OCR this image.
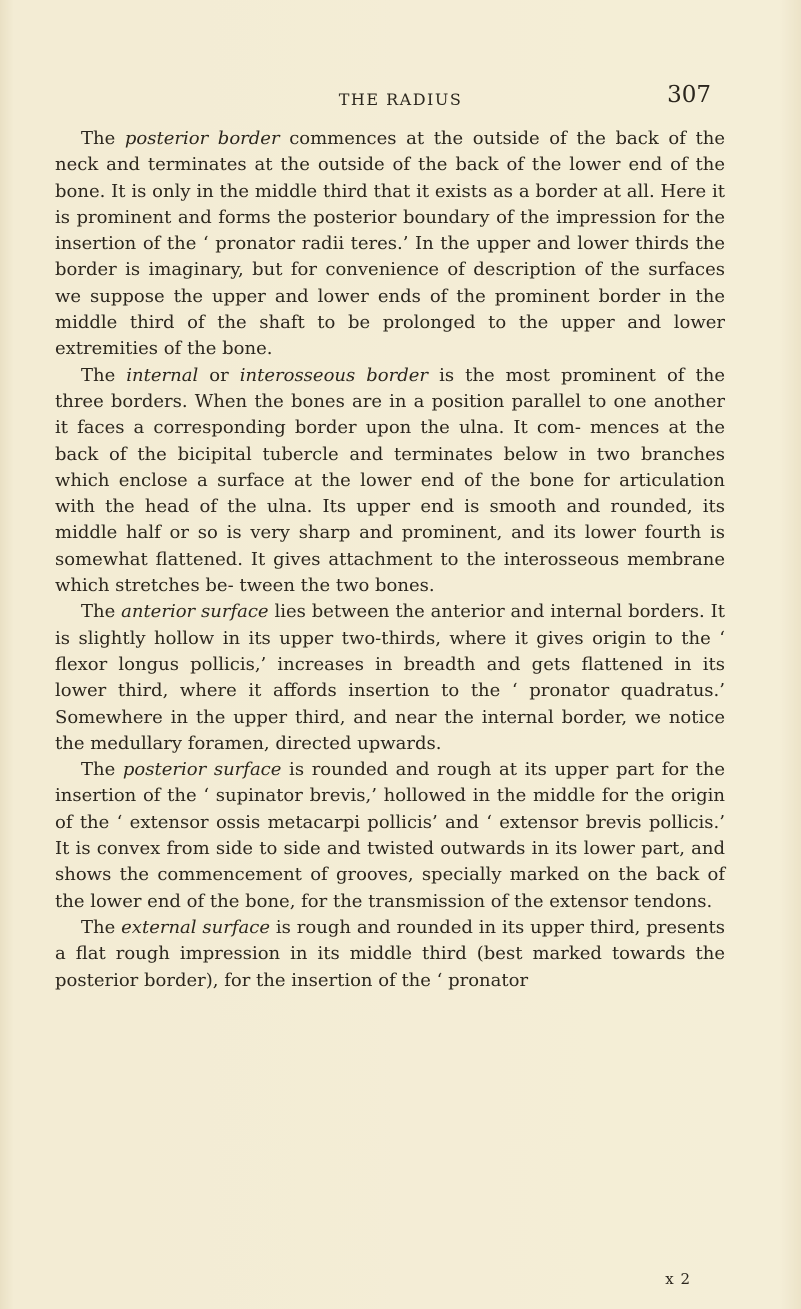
THE RADIUS	307

The posterior border commences at the outside of the back of the neck and terminates at the outside of the back of the lower end of the bone. It is only in the middle third that it exists as a border at all. Here it is prominent and forms the posterior boundary of the impression for the insertion of the ‘ pronator radii teres.’ In the upper and lower thirds the border is imaginary, but for convenience of description of the surfaces we suppose the upper and lower ends of the prominent border in the middle third of the shaft to be prolonged to the upper and lower extremities of the bone.

The internal or interosseous border is the most prominent of the three borders. When the bones are in a position parallel to one another it faces a corresponding border upon the ulna. It com- mences at the back of the bicipital tubercle and terminates below in two branches which enclose a surface at the lower end of the bone for articulation with the head of the ulna. Its upper end is smooth and rounded, its middle half or so is very sharp and prominent, and its lower fourth is somewhat flattened. It gives attachment to the interosseous membrane which stretches be- tween the two bones.

The anterior surface lies between the anterior and internal borders. It is slightly hollow in its upper two-thirds, where it gives origin to the ‘ flexor longus pollicis,’ increases in breadth and gets flattened in its lower third, where it affords insertion to the ‘ pronator quadratus.’ Somewhere in the upper third, and near the internal border, we notice the medullary foramen, directed upwards.

The posterior surface is rounded and rough at its upper part for the insertion of the ‘ supinator brevis,’ hollowed in the middle for the origin of the ‘ extensor ossis metacarpi pollicis’ and ‘ extensor brevis pollicis.’ It is convex from side to side and twisted outwards in its lower part, and shows the commencement of grooves, specially marked on the back of the lower end of the bone, for the transmission of the extensor tendons.

The external surface is rough and rounded in its upper third, presents a flat rough impression in its middle third (best marked towards the posterior border), for the insertion of the ‘ pronator

x 2
